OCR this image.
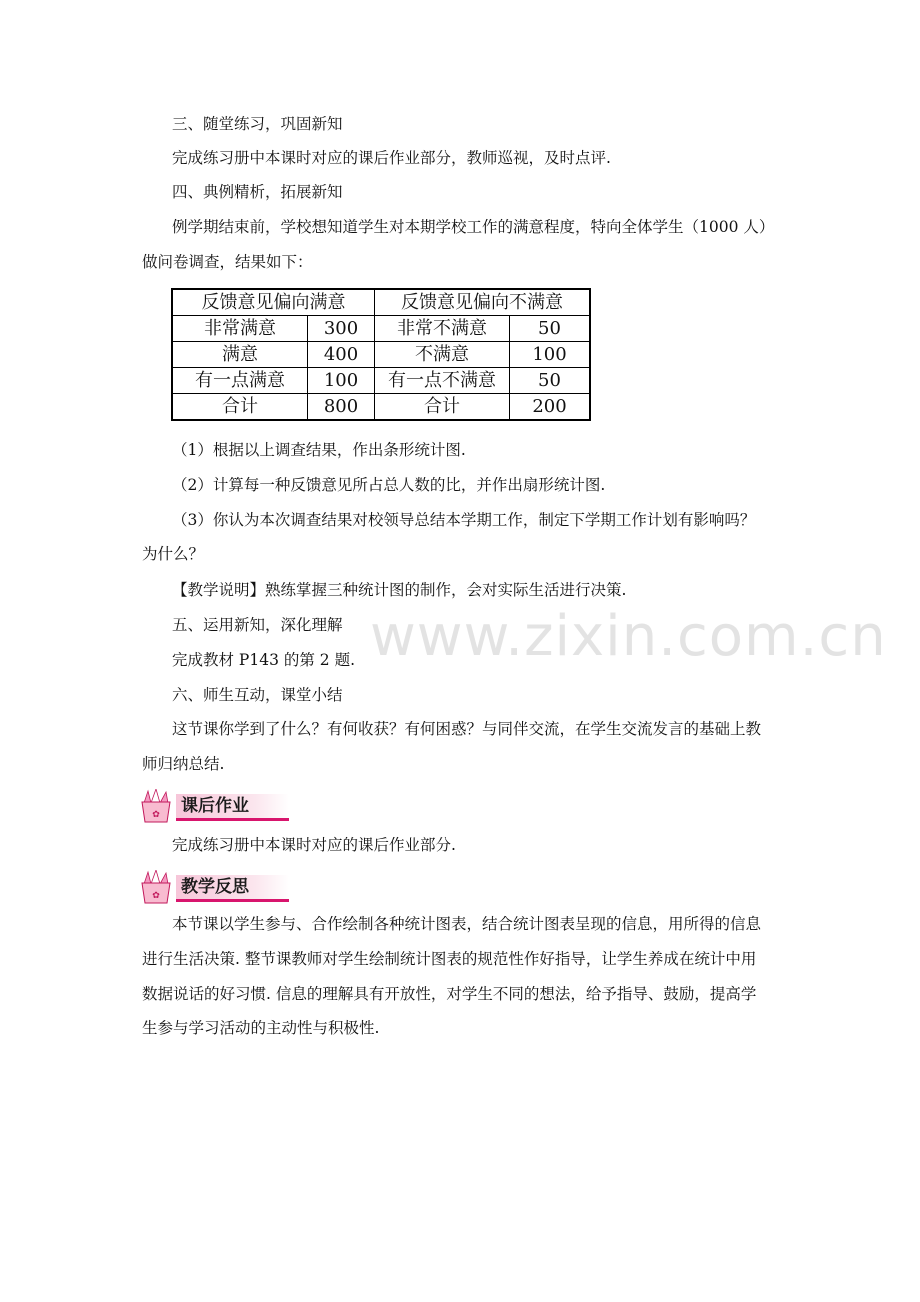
www.zixin.com.cn
三、随堂练习，巩固新知
完成练习册中本课时对应的课后作业部分，教师巡视，及时点评.
四、典例精析，拓展新知
例学期结束前，学校想知道学生对本期学校工作的满意程度，特向全体学生（1000 人）
做问卷调查，结果如下：
反馈意见偏向满意		反馈意见偏向不满意	
非常满意	300	非常不满意	50
满意	400	不满意	100
有一点满意	100	有一点不满意	50
合计	800	合计	200
（1）根据以上调查结果，作出条形统计图.
（2）计算每一种反馈意见所占总人数的比，并作出扇形统计图.
（3）你认为本次调查结果对校领导总结本学期工作，制定下学期工作计划有影响吗？
为什么？
【教学说明】熟练掌握三种统计图的制作，会对实际生活进行决策.
五、运用新知，深化理解
完成教材 P143 的第 2 题.
六、师生互动，课堂小结
这节课你学到了什么？有何收获？有何困惑？与同伴交流，在学生交流发言的基础上教
师归纳总结.
✿ 课后作业
完成练习册中本课时对应的课后作业部分.
✿ 教学反思
本节课以学生参与、合作绘制各种统计图表，结合统计图表呈现的信息，用所得的信息
进行生活决策. 整节课教师对学生绘制统计图表的规范性作好指导，让学生养成在统计中用
数据说话的好习惯. 信息的理解具有开放性，对学生不同的想法，给予指导、鼓励，提高学
生参与学习活动的主动性与积极性.
